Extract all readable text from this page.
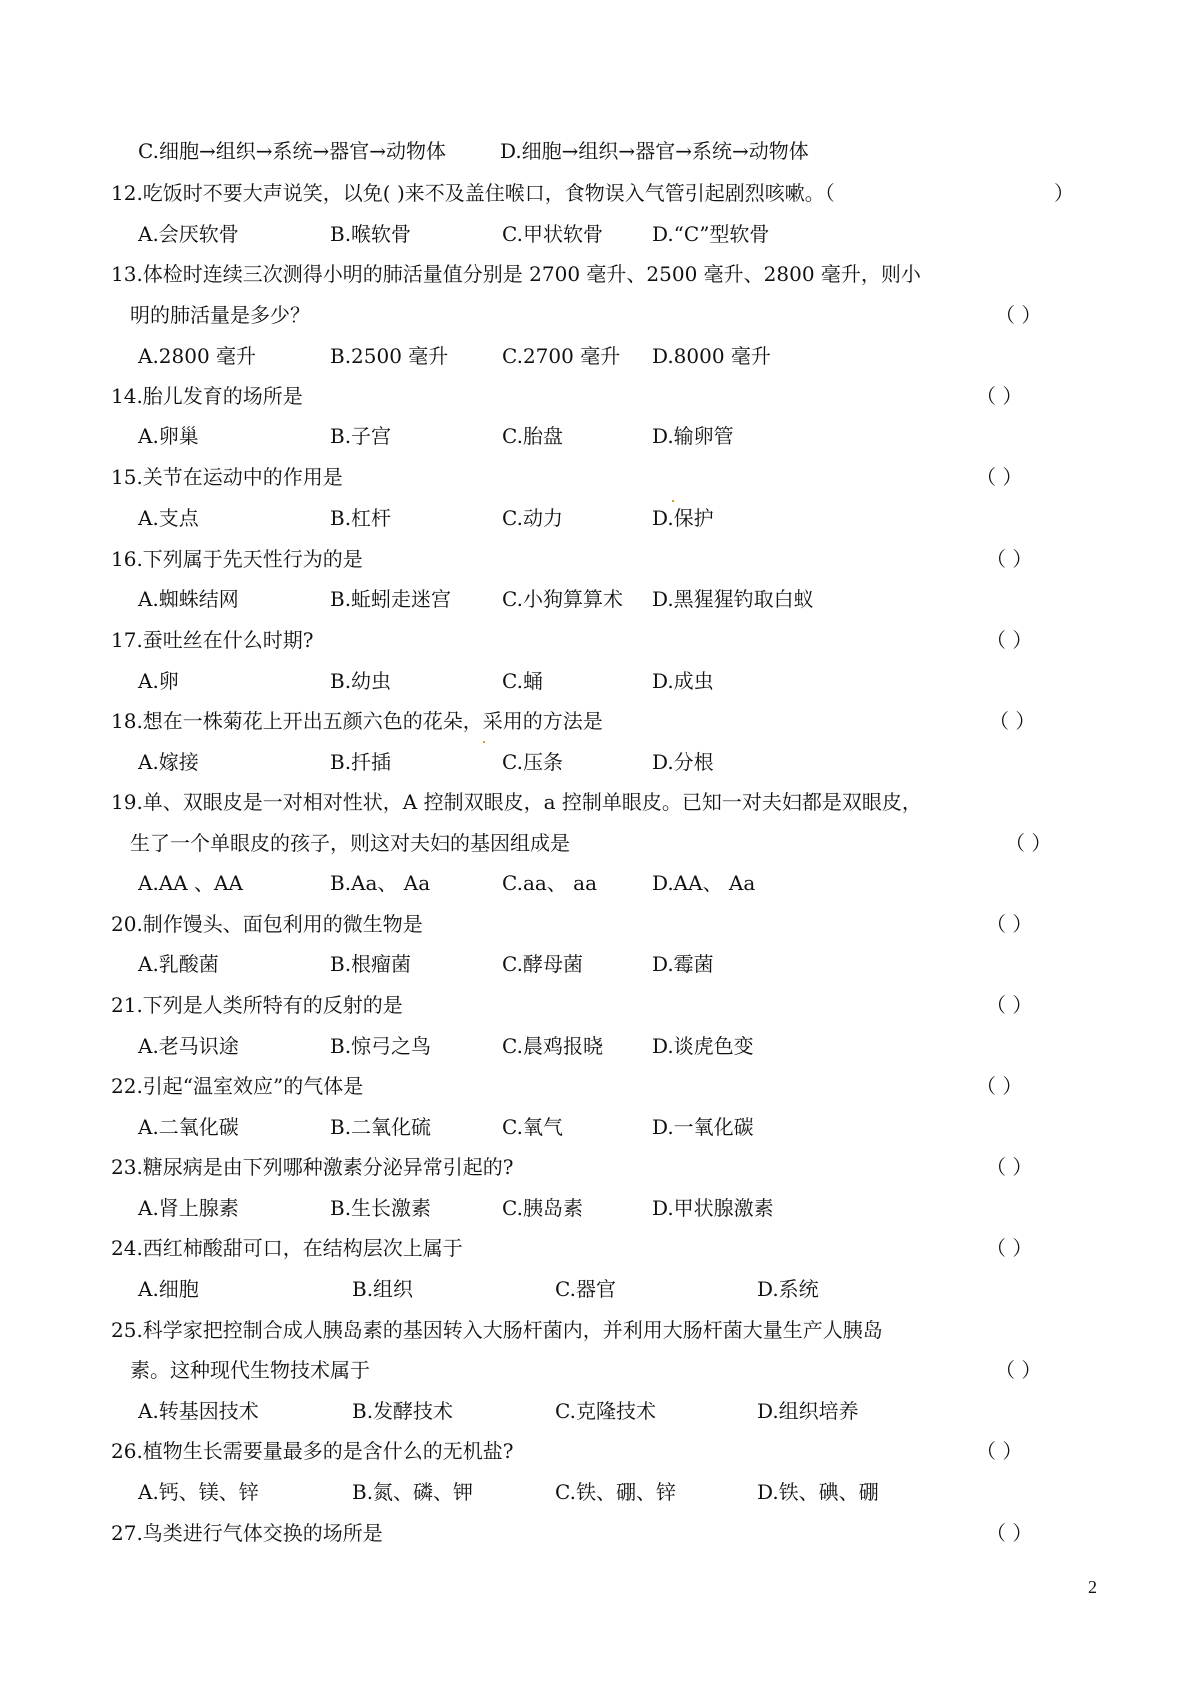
C.细胞→组织→系统→器官→动物体	D.细胞→组织→器官→系统→动物体
12.吃饭时不要大声说笑，以免( )来不及盖住喉口，食物误入气管引起剧烈咳嗽。（	）
A.会厌软骨	B.喉软骨	C.甲状软骨 D.“C”型软骨
13.体检时连续三次测得小明的肺活量值分别是 2700 毫升、2500 毫升、2800 毫升，则小
明的肺活量是多少？	（ ）
A.2800 毫升	B.2500 毫升	C.2700 毫升 D.8000 毫升
14.胎儿发育的场所是	（ ）
A.卵巢	B.子宫	C.胎盘	D.输卵管
15.关节在运动中的作用是	（ ）
A.支点	B.杠杆	C.动力	D.保护
16.下列属于先天性行为的是	（ ）
A.蜘蛛结网	B.蚯蚓走迷宫	C.小狗算算术 D.黑猩猩钓取白蚁
17.蚕吐丝在什么时期?	（ ）
A.卵	B.幼虫	C.蛹	D.成虫
18.想在一株菊花上开出五颜六色的花朵，采用的方法是	（ ）
A.嫁接	B.扦插	C.压条	D.分根
19.单、双眼皮是一对相对性状，A 控制双眼皮，a 控制单眼皮。已知一对夫妇都是双眼皮，
生了一个单眼皮的孩子，则这对夫妇的基因组成是	（ ）
A.AA 、AA	B.Aa、 Aa	C.aa、 aa	D.AA、 Aa
20.制作馒头、面包利用的微生物是	（ ）
A.乳酸菌	B.根瘤菌	C.酵母菌	D.霉菌
21.下列是人类所特有的反射的是	（ ）
A.老马识途	B.惊弓之鸟	C.晨鸡报晓 D.谈虎色变
22.引起“温室效应”的气体是	（ ）
A.二氧化碳	B.二氧化硫	C.氧气	D.一氧化碳
23.糖尿病是由下列哪种激素分泌异常引起的?	（ ）
A.肾上腺素	B.生长激素	C.胰岛素	D.甲状腺激素
24.西红柿酸甜可口，在结构层次上属于	（ ）
A.细胞	B.组织	C.器官	D.系统
25.科学家把控制合成人胰岛素的基因转入大肠杆菌内，并利用大肠杆菌大量生产人胰岛
素。这种现代生物技术属于	（ ）
A.转基因技术	B.发酵技术	C.克隆技术	D.组织培养
26.植物生长需要量最多的是含什么的无机盐?	（ ）
A.钙、镁、锌	B.氮、磷、钾	C.铁、硼、锌	D.铁、碘、硼
27.鸟类进行气体交换的场所是	（ ）
2
